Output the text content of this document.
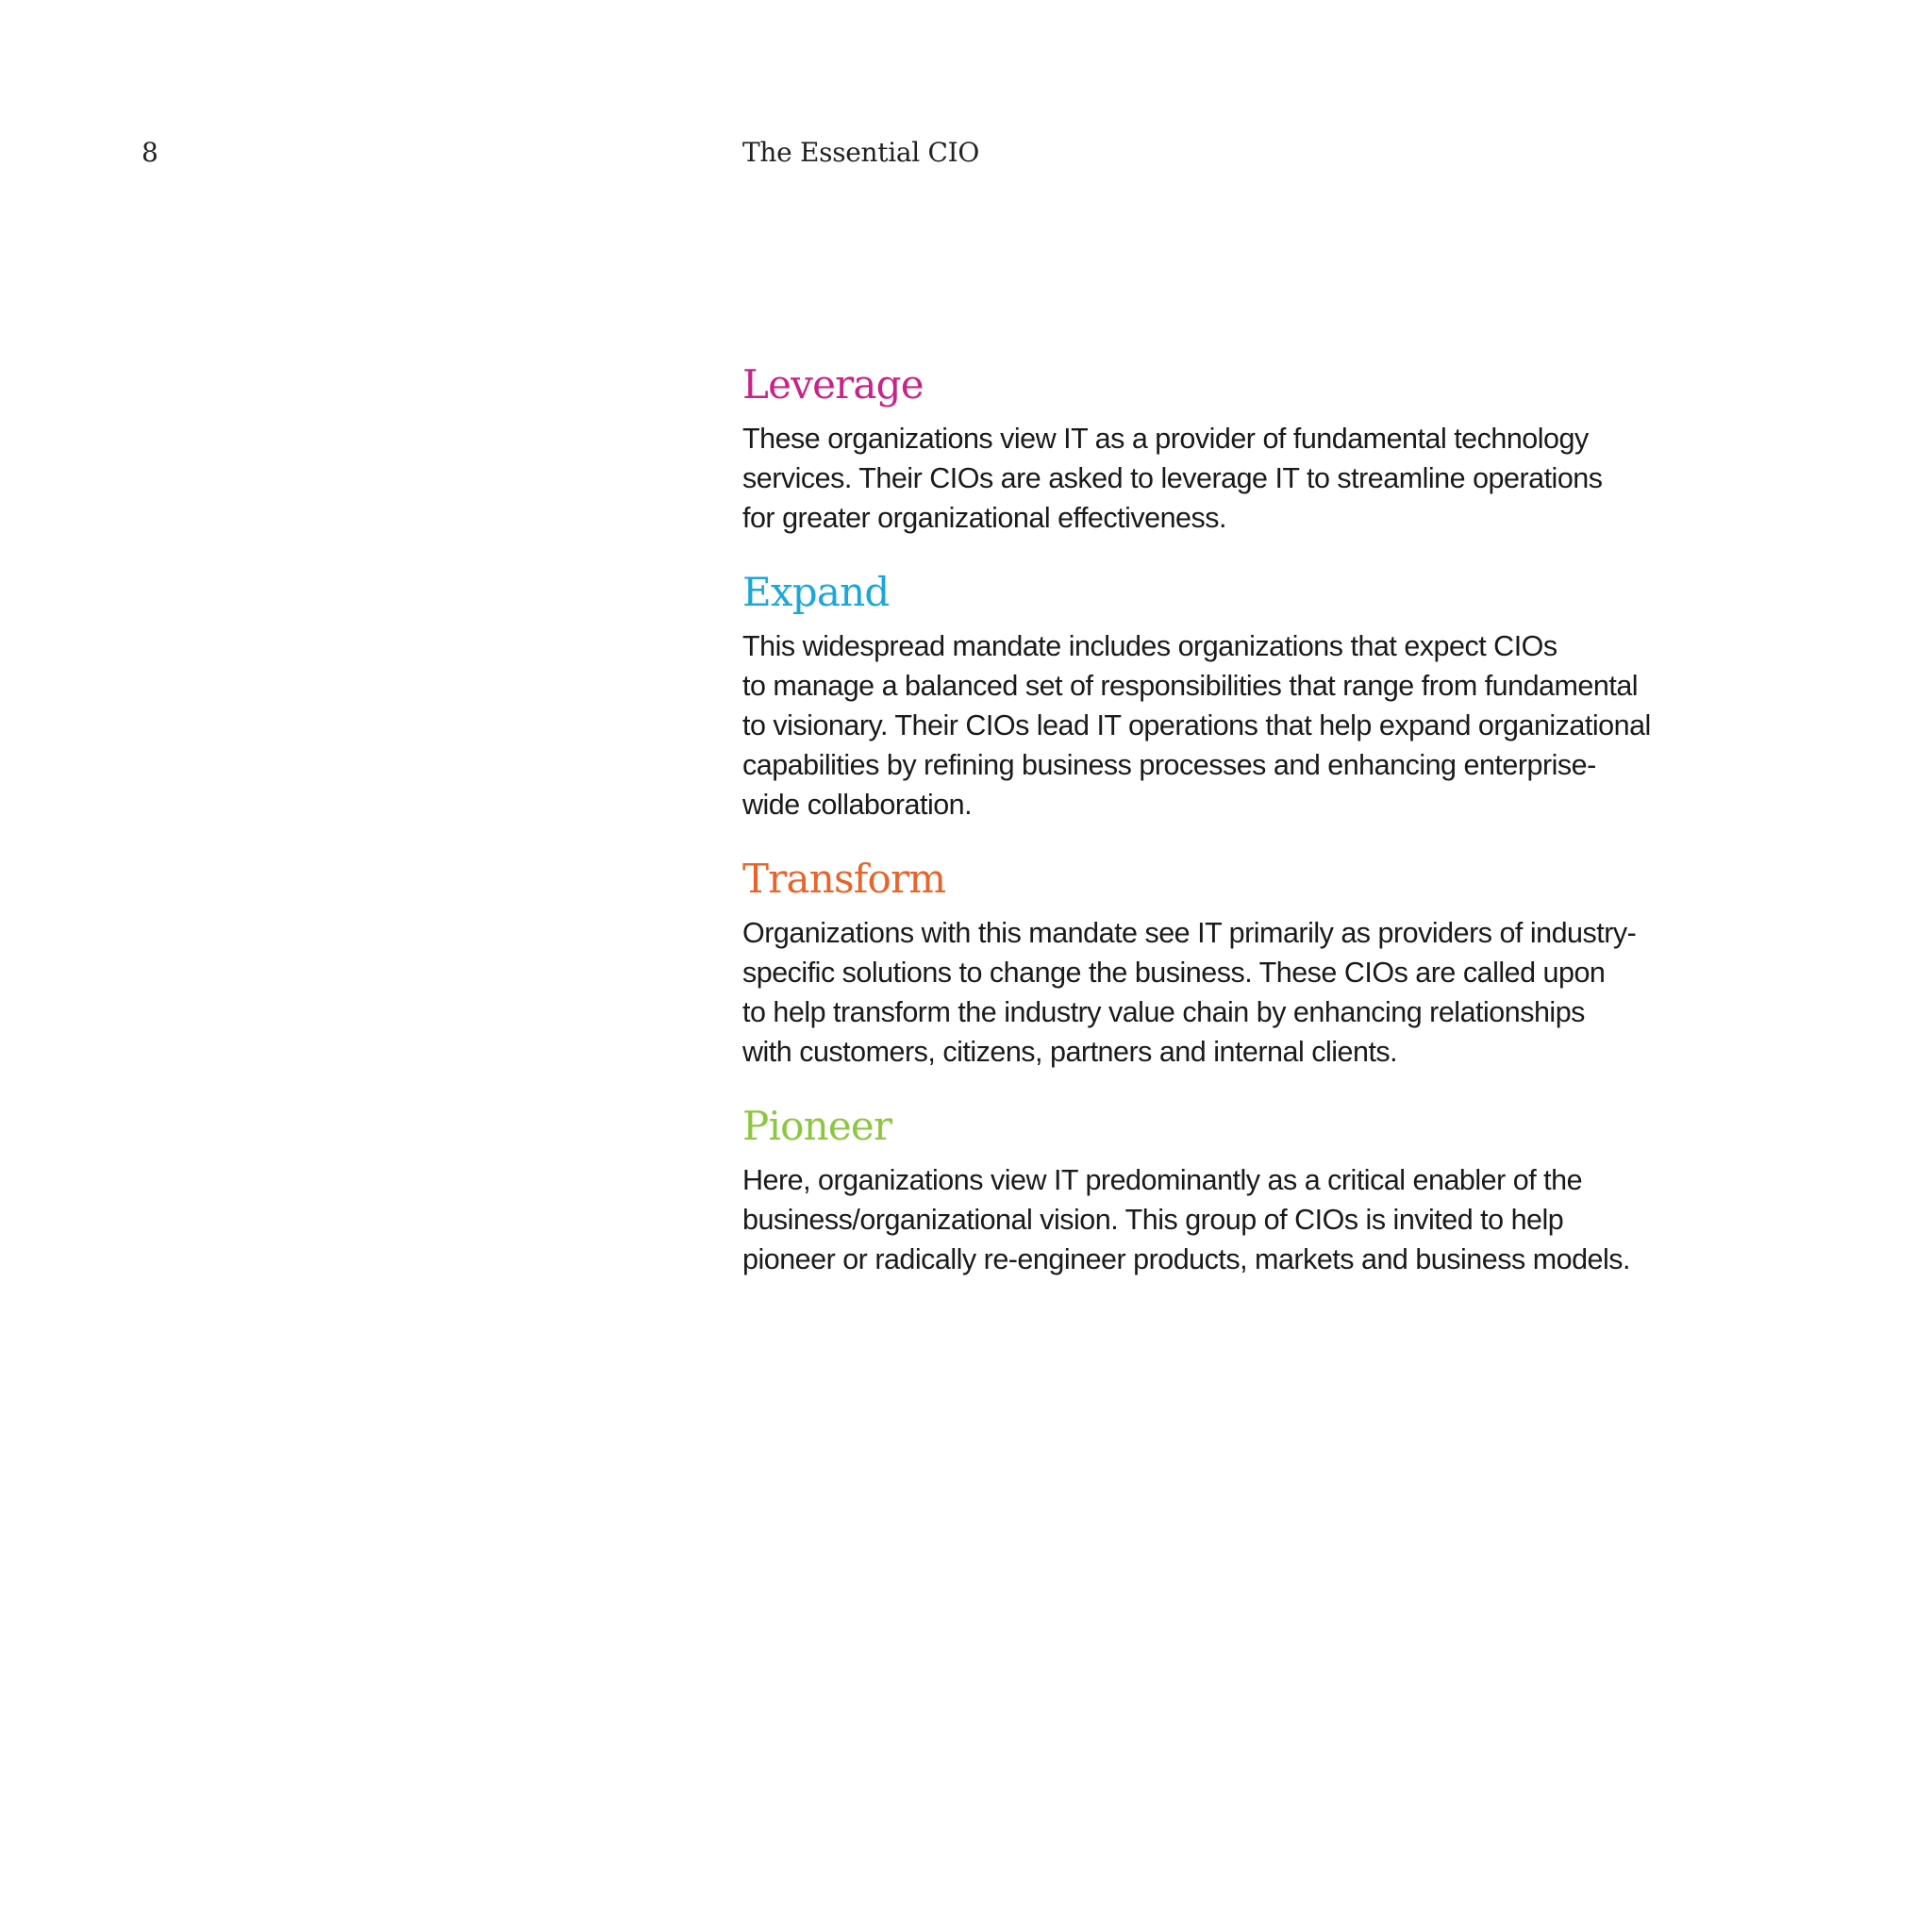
8	The Essential CIO
Leverage

These organizations view IT as a provider of fundamental technology
services. Their CIOs are asked to leverage IT to streamline operations
for greater organizational effectiveness.

Expand

This widespread mandate includes organizations that expect CIOs
to manage a balanced set of responsibilities that range from fundamental
to visionary. Their CIOs lead IT operations that help expand organizational
capabilities by refining business processes and enhancing enterprise-
wide collaboration.

Transform

Organizations with this mandate see IT primarily as providers of industry-
specific solutions to change the business. These CIOs are called upon
to help transform the industry value chain by enhancing relationships
with customers, citizens, partners and internal clients.

Pioneer

Here, organizations view IT predominantly as a critical enabler of the
business/organizational vision. This group of CIOs is invited to help
pioneer or radically re-engineer products, markets and business models.
